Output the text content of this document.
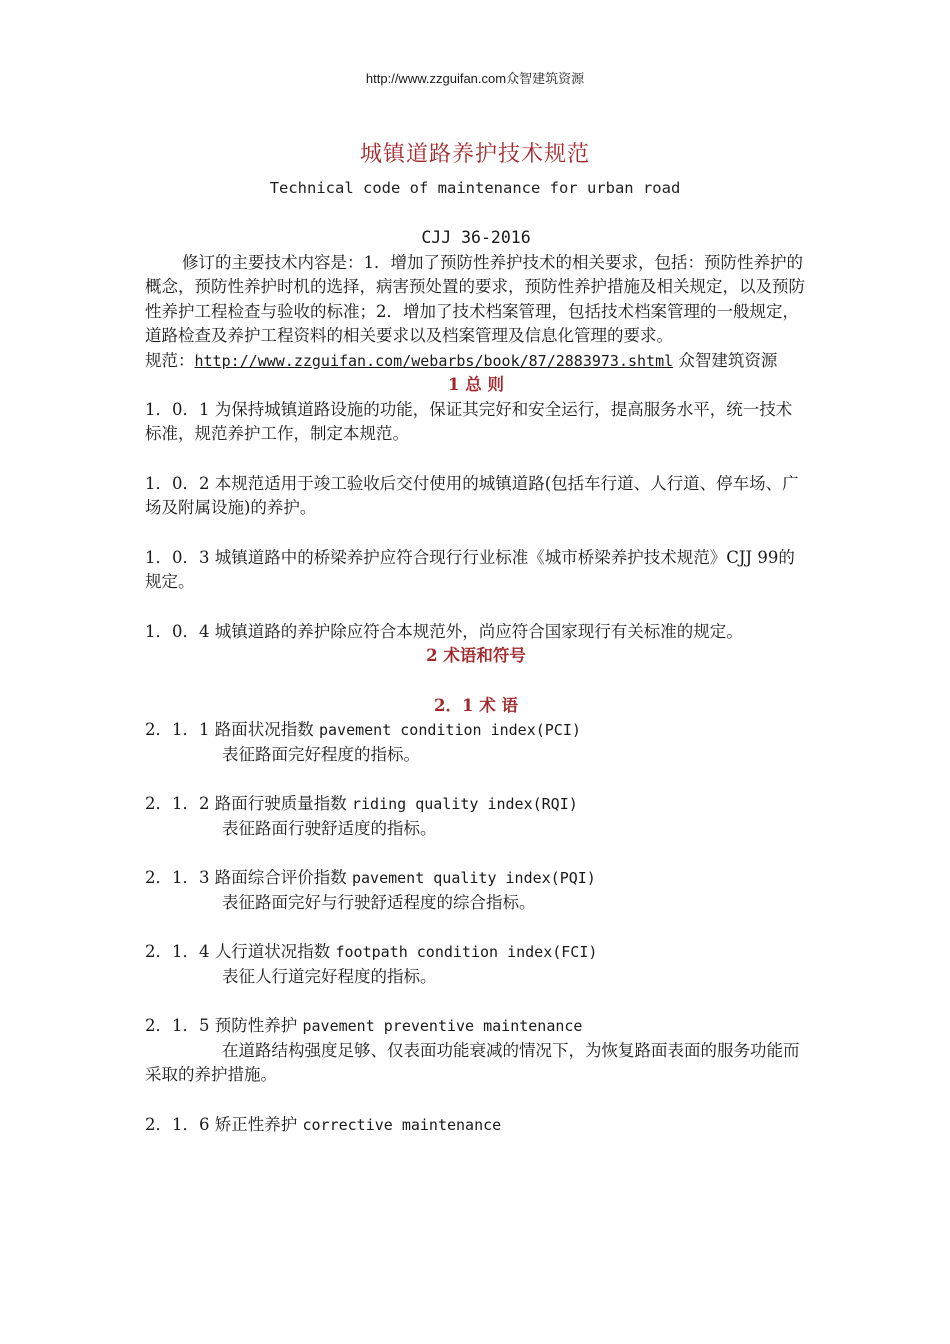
http://www.zzguifan.com众智建筑资源
城镇道路养护技术规范
Technical code of maintenance for urban road

CJJ 36-2016

修订的主要技术内容是：1．增加了预防性养护技术的相关要求，包括：预防性养护的概念，预防性养护时机的选择，病害预处置的要求，预防性养护措施及相关规定，以及预防性养护工程检查与验收的标准；2．增加了技术档案管理，包括技术档案管理的一般规定，道路检查及养护工程资料的相关要求以及档案管理及信息化管理的要求。

规范：http://www.zzguifan.com/webarbs/book/87/2883973.shtml 众智建筑资源

1 总 则

1．0．1 为保持城镇道路设施的功能，保证其完好和安全运行，提高服务水平，统一技术标准，规范养护工作，制定本规范。

1．0．2 本规范适用于竣工验收后交付使用的城镇道路(包括车行道、人行道、停车场、广场及附属设施)的养护。

1．0．3 城镇道路中的桥梁养护应符合现行行业标准《城市桥梁养护技术规范》CJJ 99的规定。

1．0．4 城镇道路的养护除应符合本规范外，尚应符合国家现行有关标准的规定。

2 术语和符号

2．1 术 语

2．1．1 路面状况指数 pavement condition index(PCI)

表征路面完好程度的指标。

2．1．2 路面行驶质量指数 riding quality index(RQI)

表征路面行驶舒适度的指标。

2．1．3 路面综合评价指数 pavement quality index(PQI)

表征路面完好与行驶舒适程度的综合指标。

2．1．4 人行道状况指数 footpath condition index(FCI)

表征人行道完好程度的指标。

2．1．5 预防性养护 pavement preventive maintenance

在道路结构强度足够、仅表面功能衰减的情况下，为恢复路面表面的服务功能而采取的养护措施。

2．1．6 矫正性养护 corrective maintenance
